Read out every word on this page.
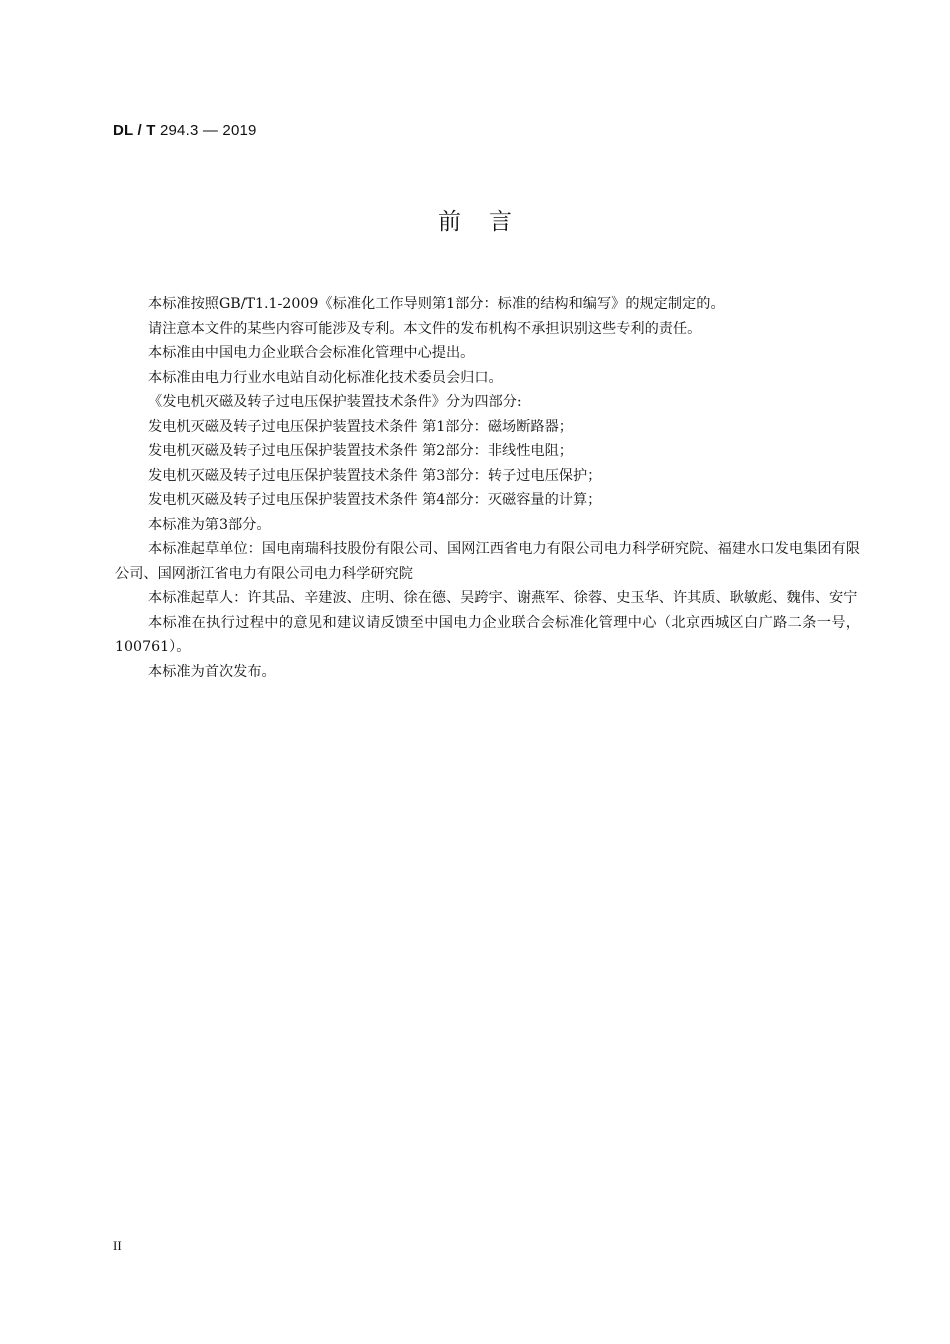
DL / T 294.3 — 2019
前 言

本标准按照GB/T1.1-2009《标准化工作导则第1部分：标准的结构和编写》的规定制定的。

请注意本文件的某些内容可能涉及专利。本文件的发布机构不承担识别这些专利的责任。

本标准由中国电力企业联合会标准化管理中心提出。

本标准由电力行业水电站自动化标准化技术委员会归口。

《发电机灭磁及转子过电压保护装置技术条件》分为四部分:

发电机灭磁及转子过电压保护装置技术条件 第1部分：磁场断路器；

发电机灭磁及转子过电压保护装置技术条件 第2部分：非线性电阻；

发电机灭磁及转子过电压保护装置技术条件 第3部分：转子过电压保护；

发电机灭磁及转子过电压保护装置技术条件 第4部分：灭磁容量的计算；

本标准为第3部分。

本标准起草单位：国电南瑞科技股份有限公司、国网江西省电力有限公司电力科学研究院、福建水口发电集团有限公司、国网浙江省电力有限公司电力科学研究院

本标准起草人：许其品、辛建波、庄明、徐在德、吴跨宇、谢燕军、徐蓉、史玉华、许其质、耿敏彪、魏伟、安宁

本标准在执行过程中的意见和建议请反馈至中国电力企业联合会标准化管理中心（北京西城区白广路二条一号，100761）。

本标准为首次发布。

II
